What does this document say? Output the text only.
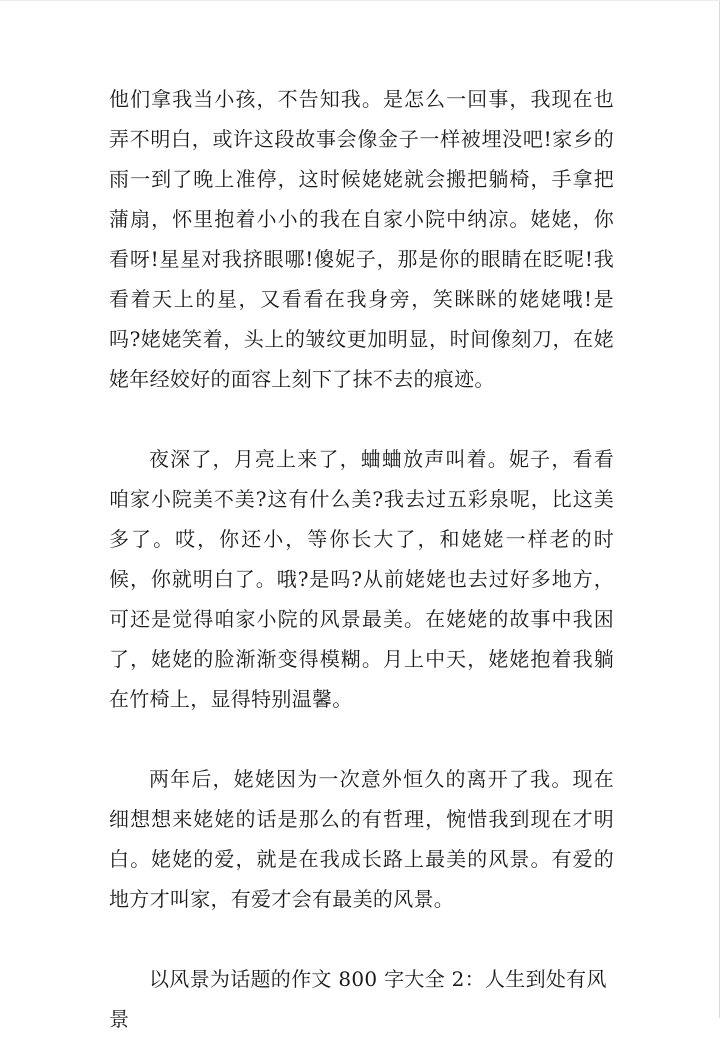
他们拿我当小孩，不告知我。是怎么一回事，我现在也弄不明白，或许这段故事会像金子一样被埋没吧!家乡的雨一到了晚上准停，这时候姥姥就会搬把躺椅，手拿把蒲扇，怀里抱着小小的我在自家小院中纳凉。姥姥，你看呀!星星对我挤眼哪!傻妮子，那是你的眼睛在眨呢!我看着天上的星，又看看在我身旁，笑眯眯的姥姥哦!是吗?姥姥笑着，头上的皱纹更加明显，时间像刻刀，在姥姥年经姣好的面容上刻下了抹不去的痕迹。

夜深了，月亮上来了，蛐蛐放声叫着。妮子，看看咱家小院美不美?这有什么美?我去过五彩泉呢，比这美多了。哎，你还小，等你长大了，和姥姥一样老的时候，你就明白了。哦?是吗?从前姥姥也去过好多地方，可还是觉得咱家小院的风景最美。在姥姥的故事中我困了，姥姥的脸渐渐变得模糊。月上中天，姥姥抱着我躺在竹椅上，显得特别温馨。

两年后，姥姥因为一次意外恒久的离开了我。现在细想想来姥姥的话是那么的有哲理，惋惜我到现在才明白。姥姥的爱，就是在我成长路上最美的风景。有爱的地方才叫家，有爱才会有最美的风景。

以风景为话题的作文 800 字大全 2：人生到处有风景
